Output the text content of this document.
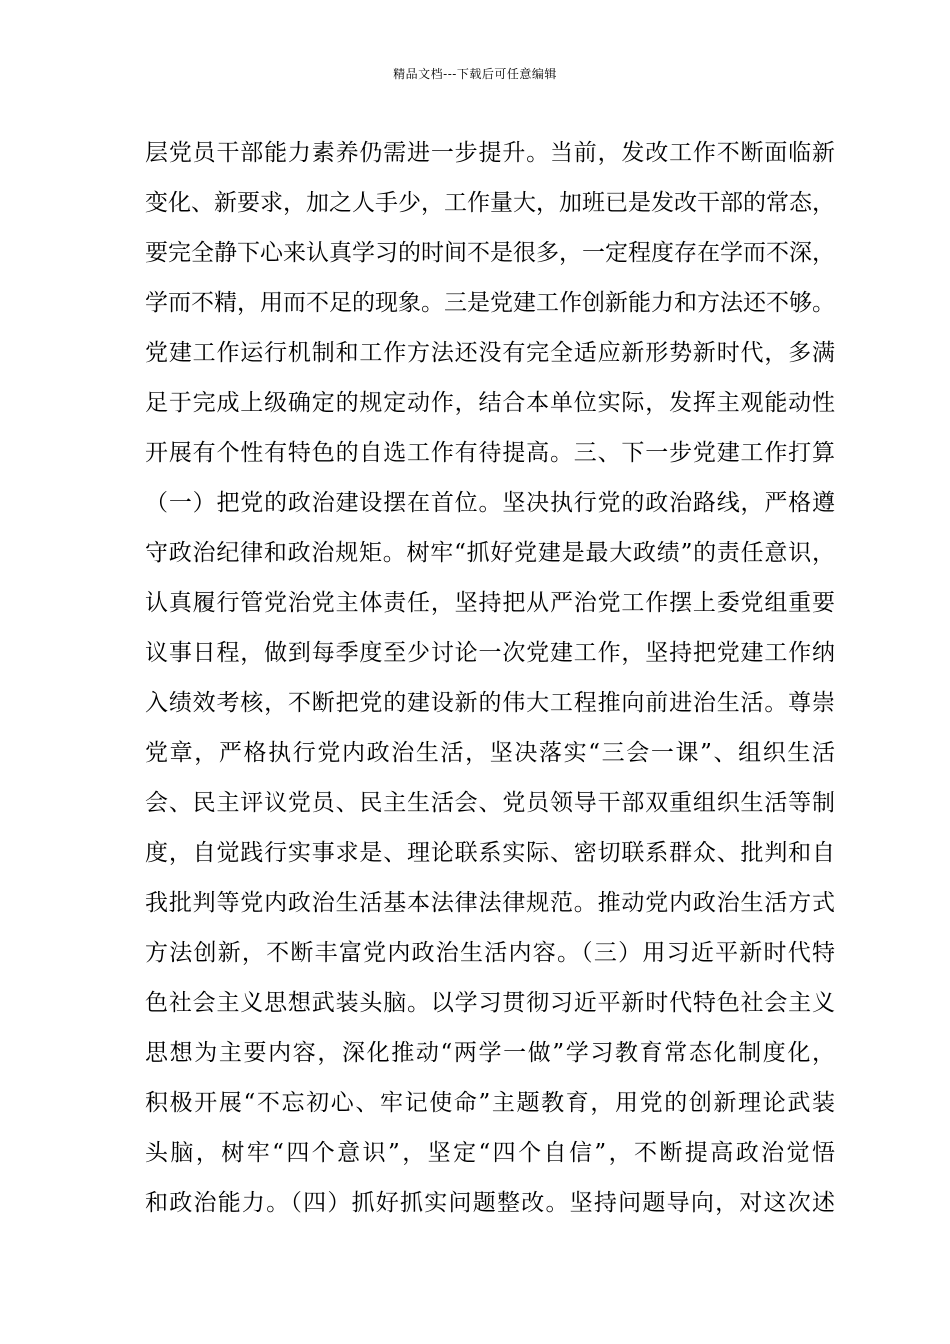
精品文档---下载后可任意编辑
层党员干部能力素养仍需进一步提升。当前，发改工作不断面临新
变化、新要求，加之人手少，工作量大，加班已是发改干部的常态，
要完全静下心来认真学习的时间不是很多，一定程度存在学而不深，
学而不精，用而不足的现象。三是党建工作创新能力和方法还不够。
党建工作运行机制和工作方法还没有完全适应新形势新时代，多满
足于完成上级确定的规定动作，结合本单位实际，发挥主观能动性
开展有个性有特色的自选工作有待提高。三、下一步党建工作打算
（一）把党的政治建设摆在首位。坚决执行党的政治路线，严格遵
守政治纪律和政治规矩。树牢“抓好党建是最大政绩”的责任意识，
认真履行管党治党主体责任，坚持把从严治党工作摆上委党组重要
议事日程，做到每季度至少讨论一次党建工作，坚持把党建工作纳
入绩效考核，不断把党的建设新的伟大工程推向前进治生活。尊崇
党章，严格执行党内政治生活，坚决落实“三会一课”、组织生活
会、民主评议党员、民主生活会、党员领导干部双重组织生活等制
度，自觉践行实事求是、理论联系实际、密切联系群众、批判和自
我批判等党内政治生活基本法律法律规范。推动党内政治生活方式
方法创新，不断丰富党内政治生活内容。（三）用习近平新时代特
色社会主义思想武装头脑。以学习贯彻习近平新时代特色社会主义
思想为主要内容，深化推动“两学一做”学习教育常态化制度化，
积极开展“不忘初心、牢记使命”主题教育，用党的创新理论武装
头脑，树牢“四个意识”，坚定“四个自信”，不断提高政治觉悟
和政治能力。（四）抓好抓实问题整改。坚持问题导向，对这次述
